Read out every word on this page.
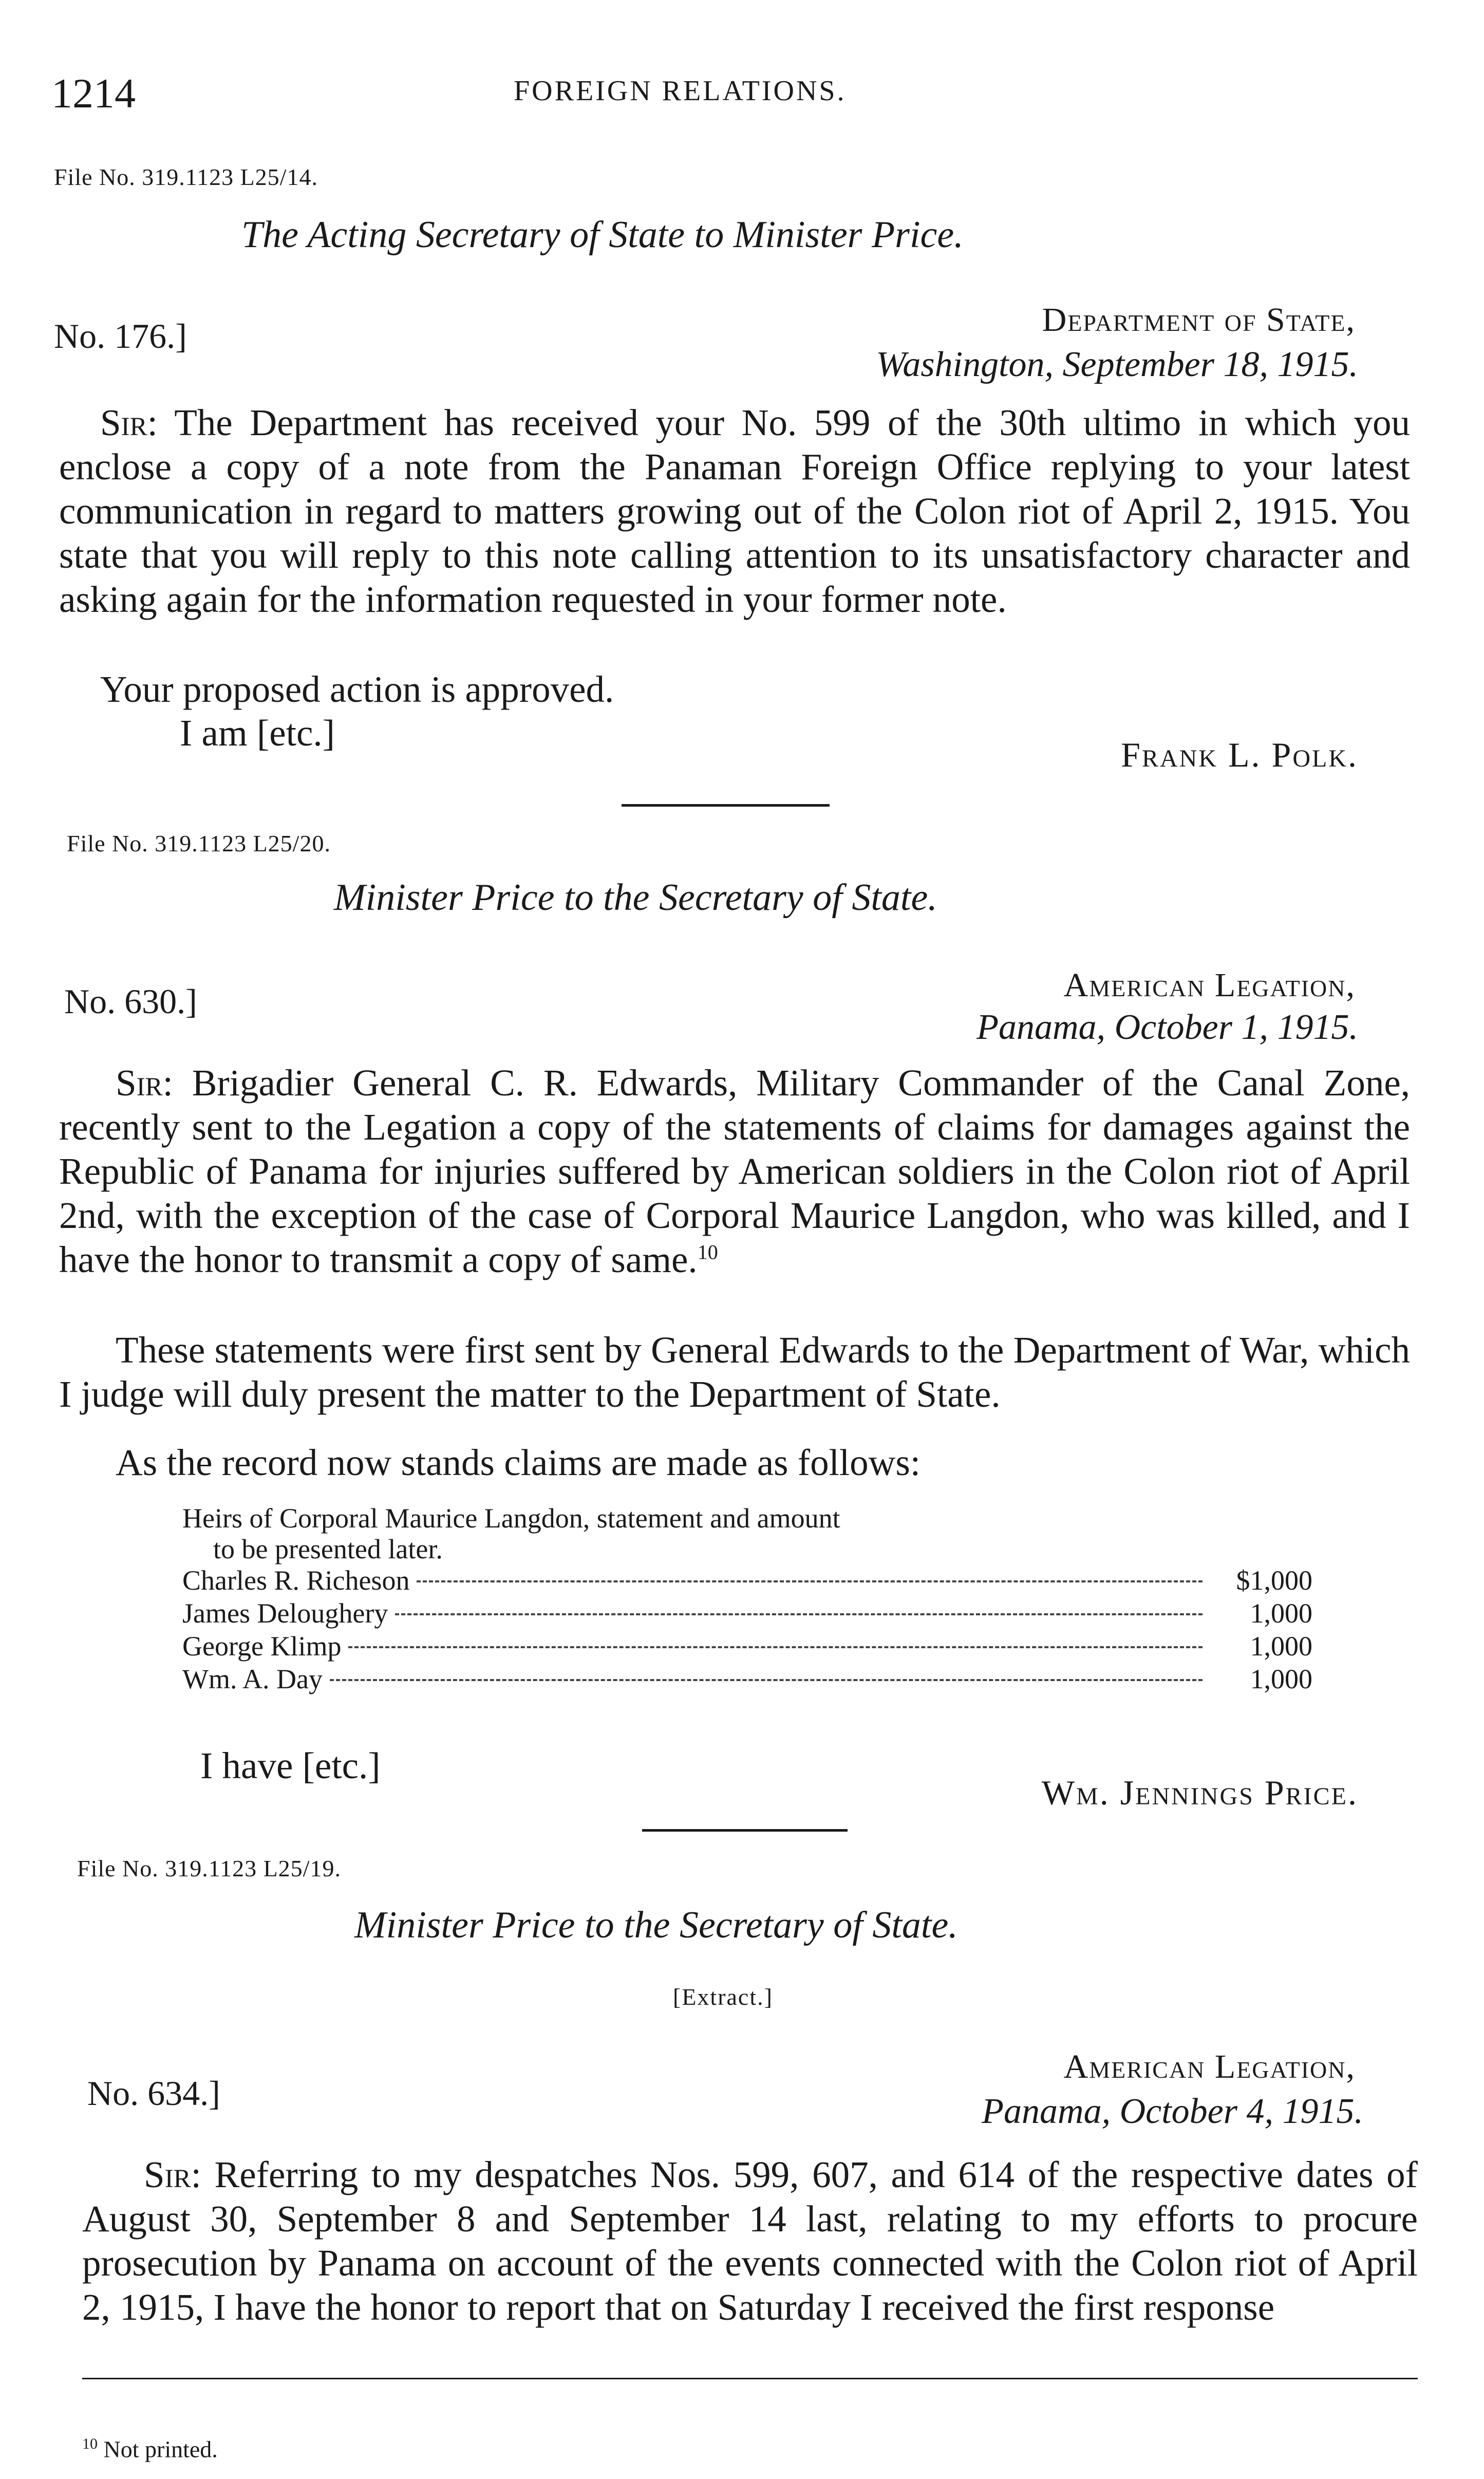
1214	FOREIGN RELATIONS.
File No. 319.1123 L25/14.
The Acting Secretary of State to Minister Price.
No. 176.]	Department of State,
Washington, September 18, 1915.
Sir: The Department has received your No. 599 of the 30th ultimo in which you enclose a copy of a note from the Panaman Foreign Office replying to your latest communication in regard to matters growing out of the Colon riot of April 2, 1915. You state that you will reply to this note calling attention to its unsatisfactory character and asking again for the information requested in your former note.
Your proposed action is approved.
I am [etc.]
Frank L. Polk.
File No. 319.1123 L25/20.
Minister Price to the Secretary of State.
No. 630.]	American Legation,
Panama, October 1, 1915.
Sir: Brigadier General C. R. Edwards, Military Commander of the Canal Zone, recently sent to the Legation a copy of the statements of claims for damages against the Republic of Panama for injuries suffered by American soldiers in the Colon riot of April 2nd, with the exception of the case of Corporal Maurice Langdon, who was killed, and I have the honor to transmit a copy of same.$^{10}$
These statements were first sent by General Edwards to the Department of War, which I judge will duly present the matter to the Department of State.
As the record now stands claims are made as follows:
Heirs of Corporal Maurice Langdon, statement and amount
to be presented later.
Charles R. Richeson	$1,000
James Deloughery	1,000
George Klimp	1,000
Wm. A. Day	1,000
I have [etc.]
Wm. Jennings Price.
File No. 319.1123 L25/19.
Minister Price to the Secretary of State.
[Extract.]
No. 634.]
American Legation,
Panama, October 4, 1915.
Sir: Referring to my despatches Nos. 599, 607, and 614 of the respective dates of August 30, September 8 and September 14 last, relating to my efforts to procure prosecution by Panama on account of the events connected with the Colon riot of April 2, 1915, I have the honor to report that on Saturday I received the first response
$^{10}$ Not printed.
